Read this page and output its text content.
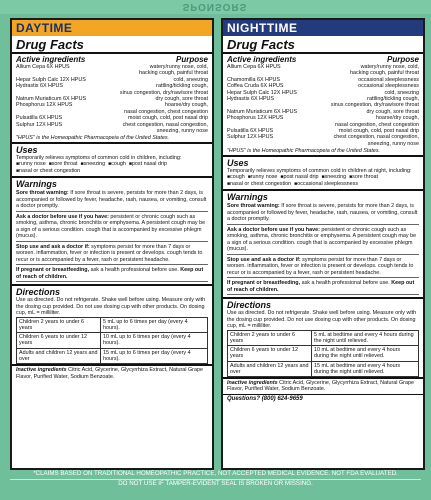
SPONSORS
DAYTIME
Drug Facts
Active ingredients	Purpose
Allium Cepa 6X HPUS	watery/runny nose, cold,
hacking cough, painful throat
Hepar Sulph Calc 12X HPUS	cold, sneezing
Hydrastis 6X HPUS	rattling/tickling cough,
sinus congestion, dry/raw/sore throat
Natrum Muriaticum 6X HPUS	dry cough, sore throat
Phosphorus 12X HPUS	hoarse/dry cough,
nasal congestion, chest congestion
Pulsatilla 6X HPUS	moist cough, cold, post nasal drip
Sulphur 12X HPUS	chest congestion, nasal congestion,
sneezing, runny nose
"HPUS" is the Homeopathic Pharmacopeia of the United States.
Uses
Temporarily relieves symptoms of common cold in children, including:
■ runny nose	■ sore throat	■ sneezing	■ cough	■ post nasal drip
■ nasal or chest congestion
Warnings

Sore throat warning: If sore throat is severe, persists for more than 2 days, is accompanied or followed by fever, headache, rash, nausea, or vomiting, consult a doctor promptly.

Ask a doctor before use if you have: persistent or chronic cough such as smoking, asthma, chronic bronchitis or emphysema. A persistent cough may be a sign of a serious condition. cough that is accompanied by excessive phlegm (mucus).

Stop use and ask a doctor if: symptoms persist for more than 7 days or worsen. inflammation, fever or infection is present or develops. cough tends to recur or is accompanied by a fever, rash or persistent headache.

If pregnant or breastfeeding, ask a health professional before use. Keep out of reach of children.

Directions
Use as directed. Do not refrigerate. Shake well before using. Measure only with the dosing cup provided. Do not use dosing cup with other products. On dosing cup, mL = milliliter.
Children 2 years to under 6 years	5 mL up to 6 times per day (every 4 hours).
Children 6 years to under 12 years	10 mL up to 6 times per day (every 4 hours).
Adults and children 12 years and over	15 mL up to 6 times per day (every 4 hours).
Inactive ingredients Citric Acid, Glycerine, Glycyrrhiza Extract, Natural Grape Flavor, Purified Water, Sodium Benzoate.
NIGHTTIME
Drug Facts
Active ingredients	Purpose
Allium Cepa 6X HPUS	watery/runny nose, cold,
hacking cough, painful throat
Chamomilla 6X HPUS	occasional sleeplessness
Coffea Cruda 6X HPUS	occasional sleeplessness
Hepar Sulph Calc 12X HPUS	cold, sneezing
Hydrastis 6X HPUS	rattling/tickling cough,
sinus congestion, dry/raw/sore throat
Natrum Muriaticum 6X HPUS	dry cough, sore throat
Phosphorus 12X HPUS	hoarse/dry cough,
nasal congestion, chest congestion
Pulsatilla 6X HPUS	moist cough, cold, post nasal drip
Sulphur 12X HPUS	chest congestion, nasal congestion,
sneezing, runny nose
"HPUS" is the Homeopathic Pharmacopeia of the United States.
Uses
Temporarily relieves symptoms of common cold in children at night, including:
■ cough	■ runny nose	■ post nasal drip	■ sneezing	■ sore throat
■ nasal or chest congestion	■ occasional sleeplessness
Warnings

Sore throat warning: If sore throat is severe, persists for more than 2 days, is accompanied or followed by fever, headache, rash, nausea, or vomiting, consult a doctor promptly.

Ask a doctor before use if you have: persistent or chronic cough such as smoking, asthma, chronic bronchitis or emphysema. A persistent cough may be a sign of a serious condition. cough that is accompanied by excessive phlegm (mucus).

Stop use and ask a doctor if: symptoms persist for more than 7 days or worsen. inflammation, fever or infection is present or develops. cough tends to recur or is accompanied by a fever, rash or persistent headache.

If pregnant or breastfeeding, ask a health professional before use. Keep out of reach of children.

Directions
Use as directed. Do not refrigerate. Shake well before using. Measure only with the dosing cup provided. Do not use dosing cup with other products. On dosing cup, mL = milliliter.
Children 2 years to under 6 years	5 mL at bedtime and every 4 hours during the night until relieved.
Children 6 years to under 12 years	10 mL at bedtime and every 4 hours during the night until relieved.
Adults and children 12 years and over	15 mL at bedtime and every 4 hours during the night until relieved.
Inactive ingredients Citric Acid, Glycerine, Glycyrrhiza Extract, Natural Grape Flavor, Purified Water, Sodium Benzoate.
Questions? (800) 624-9659
*CLAIMS BASED ON TRADITIONAL HOMEOPATHIC PRACTICE, NOT ACCEPTED MEDICAL EVIDENCE. NOT FDA EVALUATED.
DO NOT USE IF TAMPER-EVIDENT SEAL IS BROKEN OR MISSING.
